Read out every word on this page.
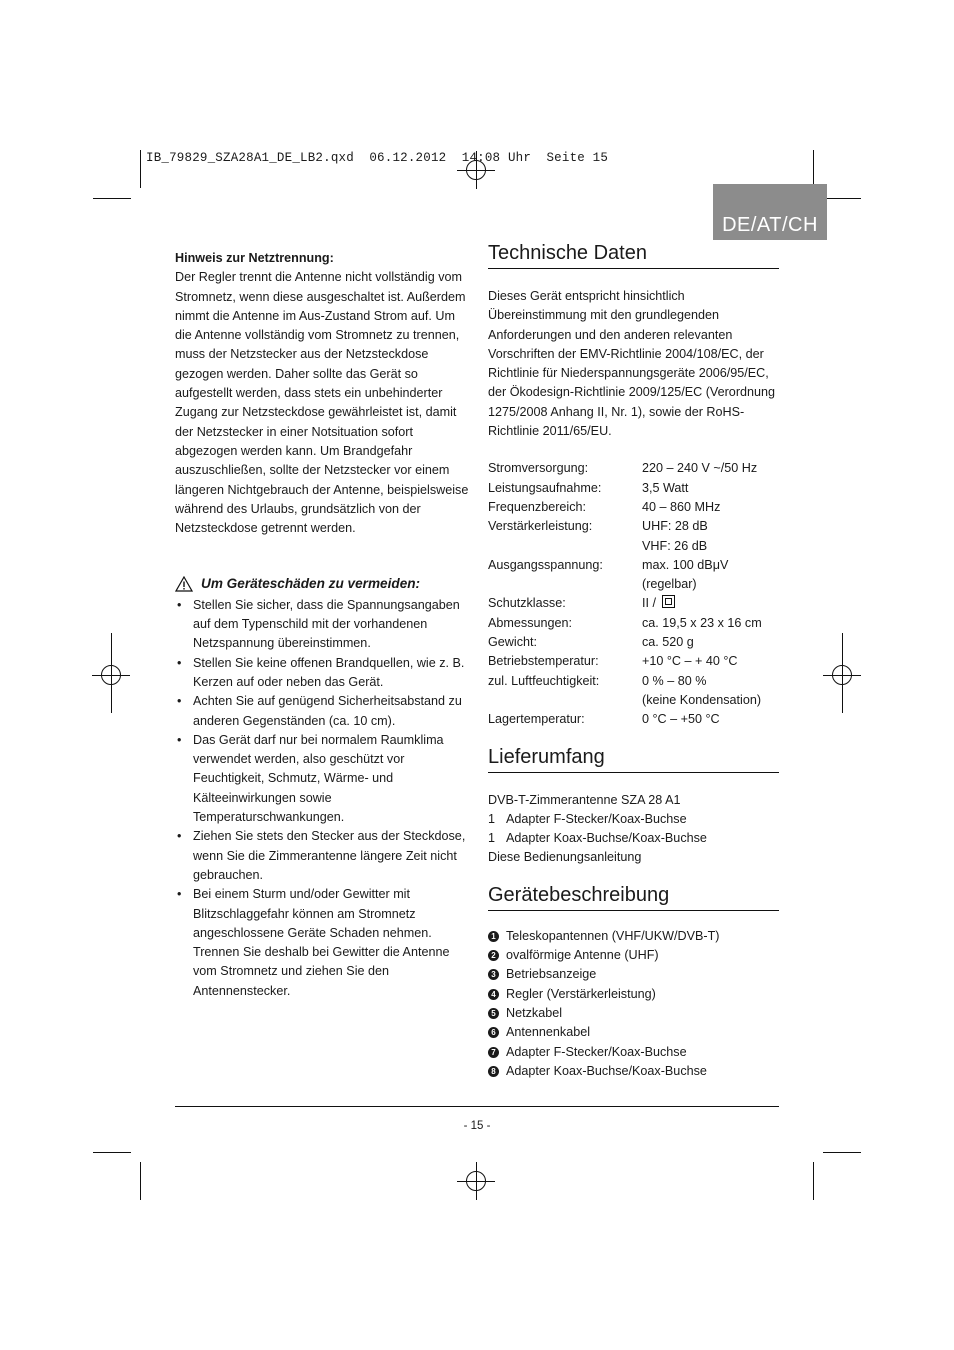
IB_79829_SZA28A1_DE_LB2.qxd  06.12.2012  14:08 Uhr  Seite 15
DE/AT/CH

Hinweis zur Netztrennung:

Der Regler trennt die Antenne nicht vollständig vom Stromnetz, wenn diese ausgeschaltet ist. Außerdem nimmt die Antenne im Aus-Zustand Strom auf. Um die Antenne vollständig vom Stromnetz zu trennen, muss der Netzstecker aus der Netzsteckdose gezogen werden. Daher sollte das Gerät so aufgestellt werden, dass stets ein unbehinderter Zugang zur Netzsteckdose gewährleistet ist, damit der Netzstecker in einer Notsituation sofort abgezogen werden kann. Um Brandgefahr auszuschließen, sollte der Netzstecker vor einem längeren Nichtgebrauch der Antenne, beispielsweise während des Urlaubs, grundsätzlich von der Netzsteckdose getrennt werden.

Um Geräteschäden zu vermeiden:
• Stellen Sie sicher, dass die Spannungsangaben auf dem Typenschild mit der vorhandenen Netzspannung übereinstimmen.
• Stellen Sie keine offenen Brandquellen, wie z. B. Kerzen auf oder neben das Gerät.
• Achten Sie auf genügend Sicherheitsabstand zu anderen Gegenständen (ca. 10 cm).
• Das Gerät darf nur bei normalem Raumklima verwendet werden, also geschützt vor Feuchtigkeit, Schmutz, Wärme- und Kälteeinwirkungen sowie Temperaturschwankungen.
• Ziehen Sie stets den Stecker aus der Steckdose, wenn Sie die Zimmerantenne längere Zeit nicht gebrauchen.
• Bei einem Sturm und/oder Gewitter mit Blitzschlaggefahr können am Stromnetz angeschlossene Geräte Schaden nehmen. Trennen Sie deshalb bei Gewitter die Antenne vom Stromnetz und ziehen Sie den Antennenstecker.
Technische Daten

Dieses Gerät entspricht hinsichtlich Übereinstimmung mit den grundlegenden Anforderungen und den anderen relevanten Vorschriften der EMV-Richtlinie 2004/108/EC, der Richtlinie für Niederspannungsgeräte 2006/95/EC, der Ökodesign-Richtlinie 2009/125/EC (Verordnung 1275/2008 Anhang II, Nr. 1), sowie der RoHS-Richtlinie 2011/65/EU.

Stromversorgung:	220 – 240 V ~/50 Hz
Leistungsaufnahme:	3,5 Watt
Frequenzbereich:	40 – 860 MHz
Verstärkerleistung:	UHF: 28 dB
	VHF: 26 dB
Ausgangsspannung:	max. 100 dBμV
	(regelbar)
Schutzklasse:	II /
Abmessungen:	ca. 19,5 x 23 x 16 cm
Gewicht:	ca. 520 g
Betriebstemperatur:	+10 °C – + 40 °C
zul. Luftfeuchtigkeit:	0 % – 80 %
	(keine Kondensation)
Lagertemperatur:	0 °C – +50 °C
Lieferumfang
DVB-T-Zimmerantenne SZA 28 A1
1 Adapter F-Stecker/Koax-Buchse
1 Adapter Koax-Buchse/Koax-Buchse
Diese Bedienungsanleitung
Gerätebeschreibung
1 Teleskopantennen (VHF/UKW/DVB-T)
2 ovalförmige Antenne (UHF)
3 Betriebsanzeige
4 Regler (Verstärkerleistung)
5 Netzkabel
6 Antennenkabel
7 Adapter F-Stecker/Koax-Buchse
8 Adapter Koax-Buchse/Koax-Buchse
- 15 -
